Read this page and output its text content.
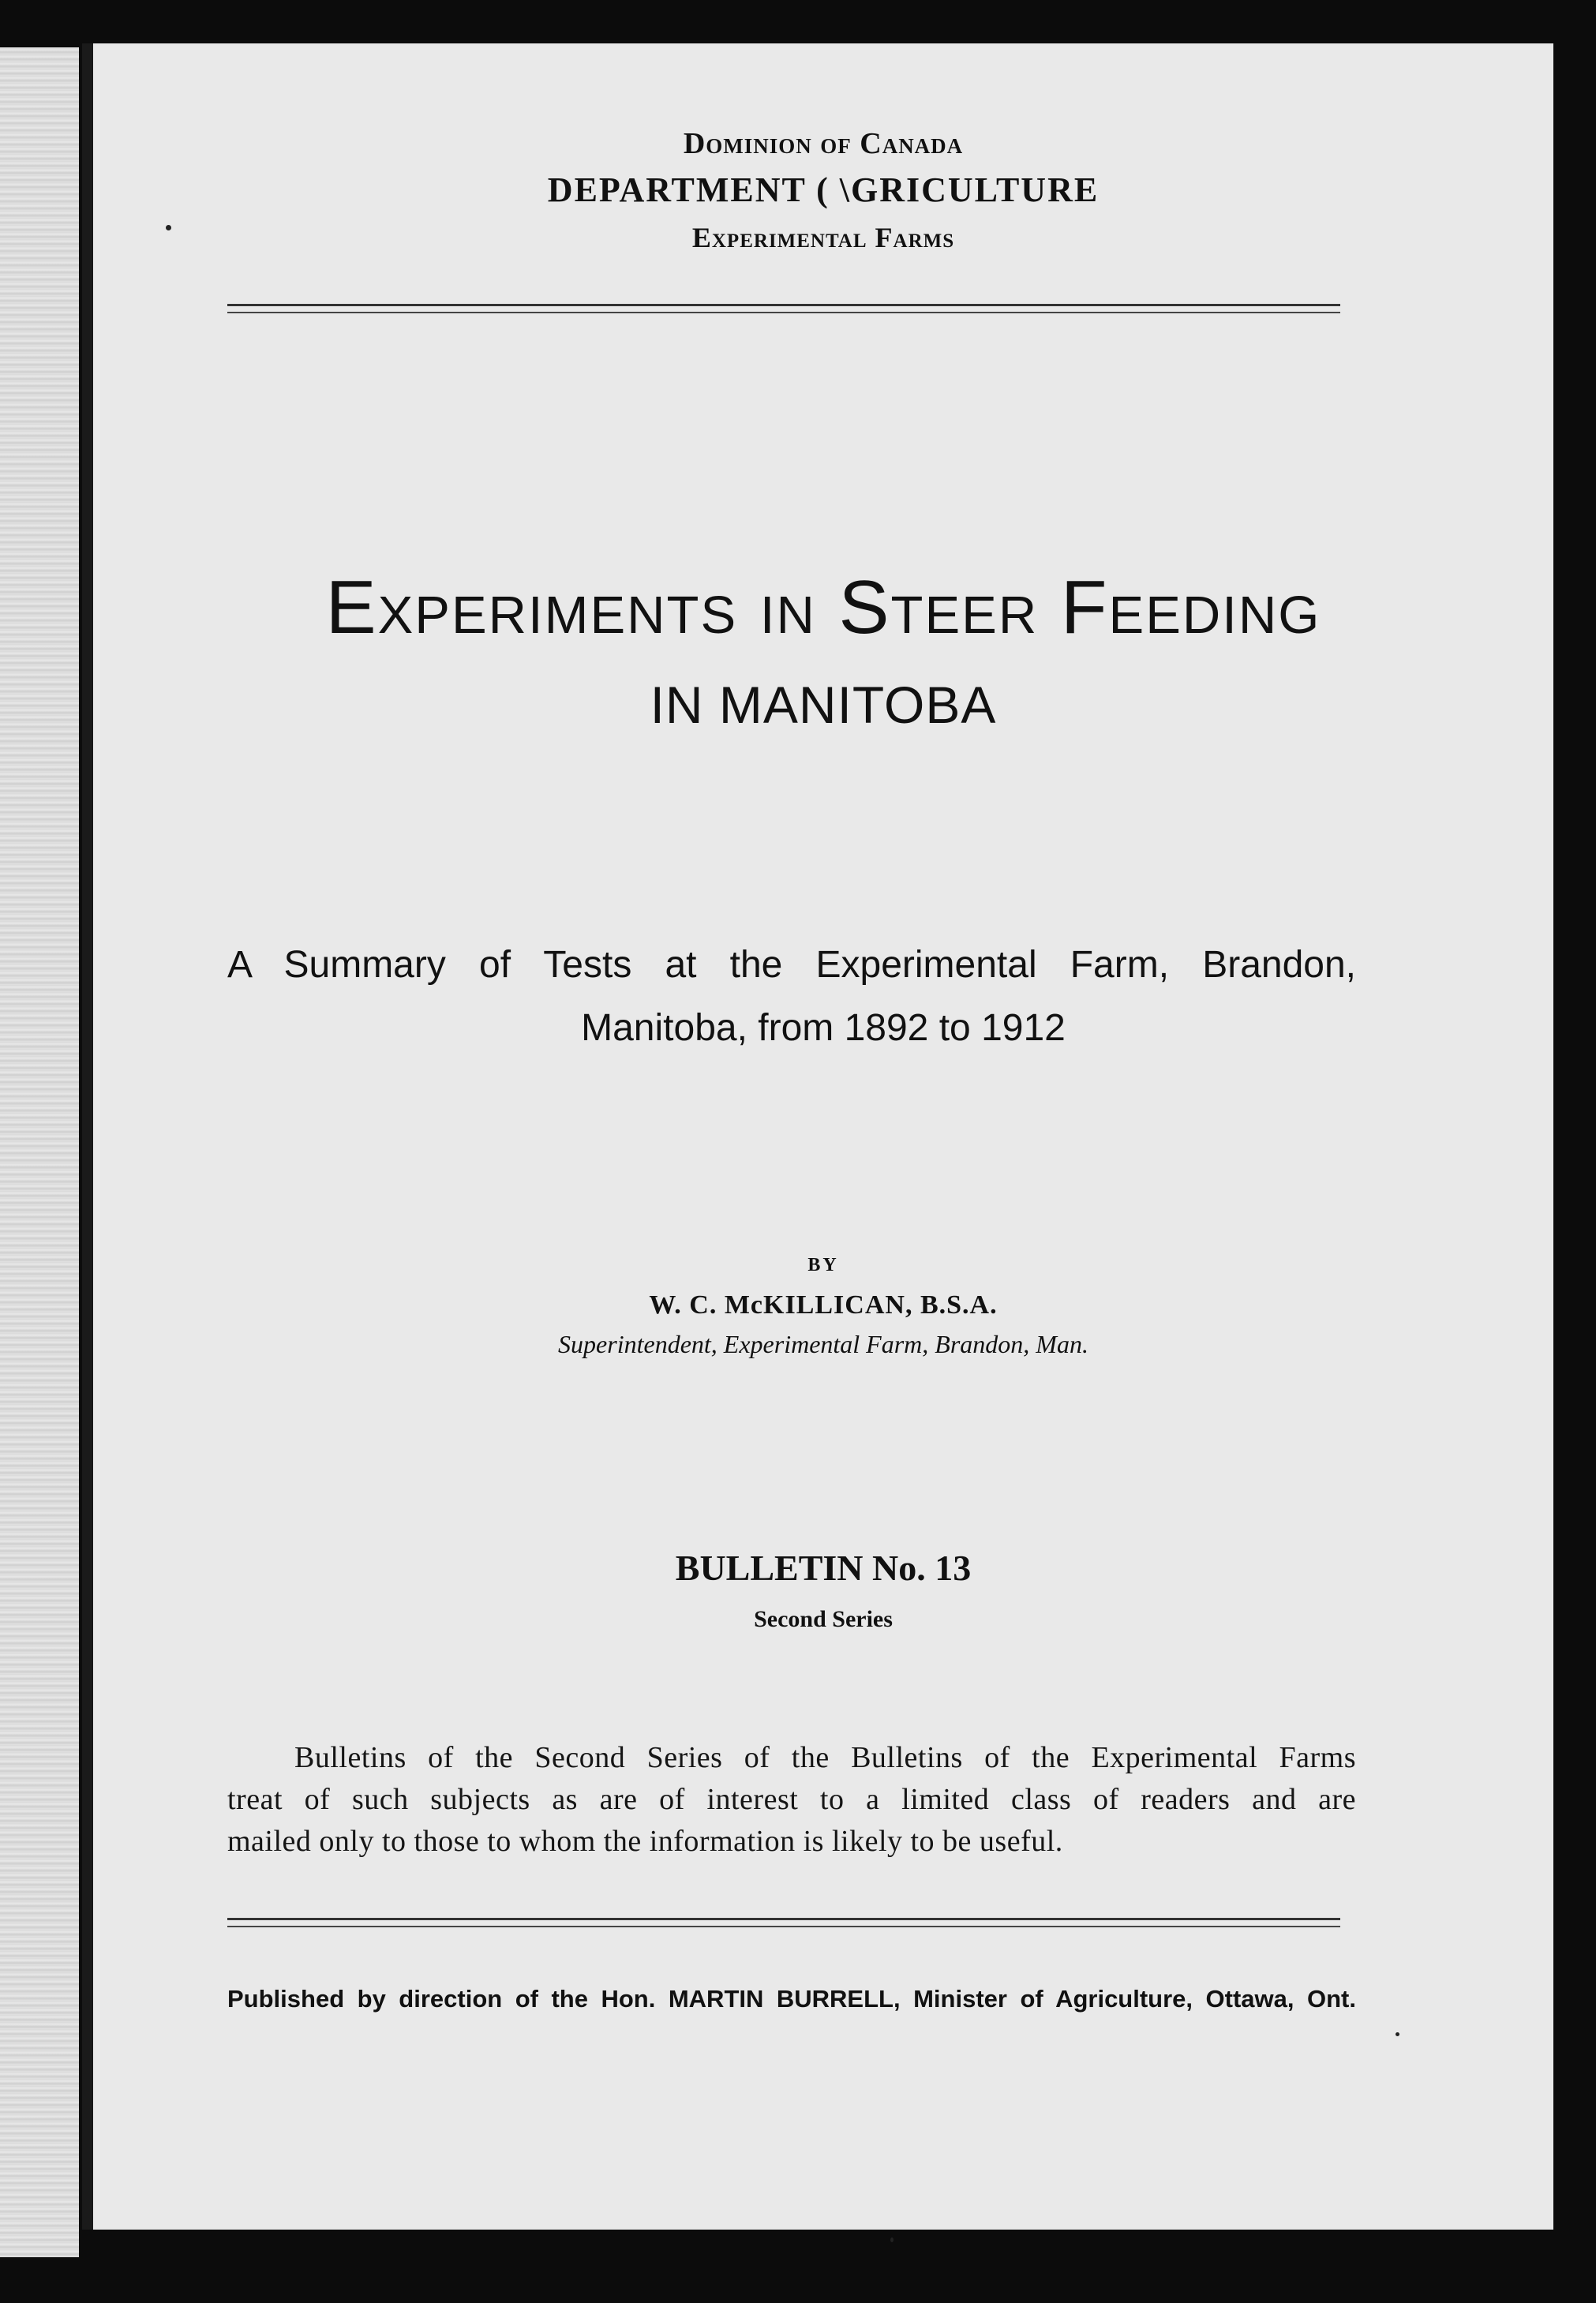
Dominion of Canada
DEPARTMENT ( \GRICULTURE
Experimental Farms
Experiments in Steer Feeding
IN MANITOBA
A Summary of Tests at the Experimental Farm, Brandon,
Manitoba, from 1892 to 1912
BY
W. C. McKILLICAN, B.S.A.
Superintendent, Experimental Farm, Brandon, Man.
BULLETIN No. 13
Second Series
Bulletins of the Second Series of the Bulletins of the Experimental Farms
treat of such subjects as are of interest to a limited class of readers and are
mailed only to those to whom the information is likely to be useful.
Published by direction of the Hon. MARTIN BURRELL, Minister of Agriculture, Ottawa, Ont.
